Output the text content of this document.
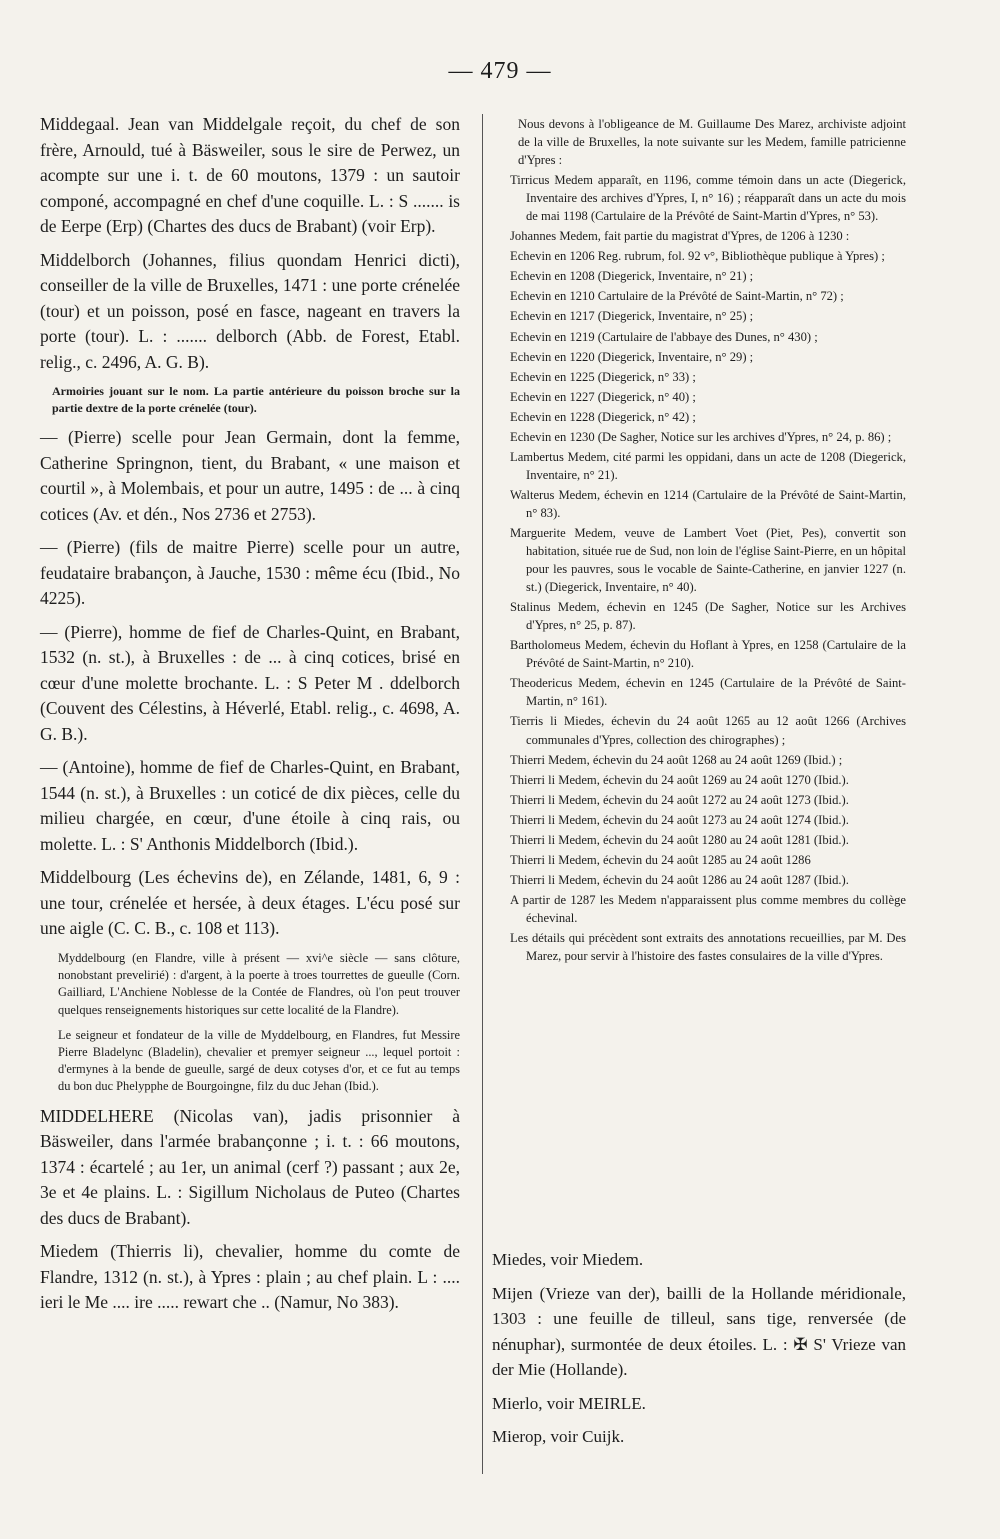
— 479 —

Middegaal. Jean van Middelgale reçoit, du chef de son frère, Arnould, tué à Bäsweiler, sous le sire de Perwez, un acompte sur une i. t. de 60 moutons, 1379 : un sautoir componé, accompagné en chef d'une coquille. L. : S ....... is de Eerpe (Erp) (Chartes des ducs de Brabant) (voir Erp).

Middelborch (Johannes, filius quondam Henrici dicti), conseiller de la ville de Bruxelles, 1471 : une porte crénelée (tour) et un poisson, posé en fasce, nageant en travers la porte (tour). L. : ....... delborch (Abb. de Forest, Etabl. relig., c. 2496, A. G. B).

Armoiries jouant sur le nom. La partie antérieure du poisson broche sur la partie dextre de la porte crénelée (tour).

— (Pierre) scelle pour Jean Germain, dont la femme, Catherine Springnon, tient, du Brabant, « une maison et courtil », à Molembais, et pour un autre, 1495 : de ... à cinq cotices (Av. et dén., Nos 2736 et 2753).

— (Pierre) (fils de maitre Pierre) scelle pour un autre, feudataire brabançon, à Jauche, 1530 : même écu (Ibid., No 4225).

— (Pierre), homme de fief de Charles-Quint, en Brabant, 1532 (n. st.), à Bruxelles : de ... à cinq cotices, brisé en cœur d'une molette brochante. L. : S Peter M . ddelborch (Couvent des Célestins, à Héverlé, Etabl. relig., c. 4698, A. G. B.).

— (Antoine), homme de fief de Charles-Quint, en Brabant, 1544 (n. st.), à Bruxelles : un coticé de dix pièces, celle du milieu chargée, en cœur, d'une étoile à cinq rais, ou molette. L. : S' Anthonis Middelborch (Ibid.).

Middelbourg (Les échevins de), en Zélande, 1481, 6, 9 : une tour, crénelée et hersée, à deux étages. L'écu posé sur une aigle (C. C. B., c. 108 et 113).

Myddelbourg (en Flandre, ville à présent — xvi^e siècle — sans clôture, nonobstant prevelігié) : d'argent, à la poerte à troes tourrettes de gueulle (Corn. Gailliard, L'Anchiene Noblesse de la Contée de Flandres, où l'on peut trouver quelques renseignements historiques sur cette localité de la Flandre).

Le seigneur et fondateur de la ville de Myddelbourg, en Flandres, fut Messire Pierre Bladelync (Bladelin), chevalier et premyer seigneur ..., lequel portoit : d'ermynes à la bende de gueulle, sargé de deux cotyses d'or, et ce fut au temps du bon duc Phelypphe de Bourgoingne, filz du duc Jehan (Ibid.).

MIDDELHERE (Nicolas van), jadis prisonnier à Bäsweiler, dans l'armée brabançonne ; i. t. : 66 moutons, 1374 : écartelé ; au 1er, un animal (cerf ?) passant ; aux 2e, 3e et 4e plains. L. : Sigillum Nicholaus de Puteo (Chartes des ducs de Brabant).

Miedem (Thierris li), chevalier, homme du comte de Flandre, 1312 (n. st.), à Ypres : plain ; au chef plain. L : .... ieri le Me .... ire ..... rewart che .. (Namur, No 383).

Nous devons à l'obligeance de M. Guillaume Des Marez, archiviste adjoint de la ville de Bruxelles, la note suivante sur les Medem, famille patricienne d'Ypres :

Tirricus Medem apparaît, en 1196, comme témoin dans un acte (Diegerick, Inventaire des archives d'Ypres, I, n° 16) ; réapparaît dans un acte du mois de mai 1198 (Cartulaire de la Prévôté de Saint-Martin d'Ypres, n° 53).

Johannes Medem, fait partie du magistrat d'Ypres, de 1206 à 1230 :

Echevin en 1206 Reg. rubrum, fol. 92 v°, Bibliothèque publique à Ypres) ;

Echevin en 1208 (Diegerick, Inventaire, n° 21) ;

Echevin en 1210 Cartulaire de la Prévôté de Saint-Martin, n° 72) ;

Echevin en 1217 (Diegerick, Inventaire, n° 25) ;

Echevin en 1219 (Cartulaire de l'abbaye des Dunes, n° 430) ;

Echevin en 1220 (Diegerick, Inventaire, n° 29) ;

Echevin en 1225 (Diegerick, n° 33) ;

Echevin en 1227 (Diegerick, n° 40) ;

Echevin en 1228 (Diegerick, n° 42) ;

Echevin en 1230 (De Sagher, Notice sur les archives d'Ypres, n° 24, p. 86) ;

Lambertus Medem, cité parmi les oppidani, dans un acte de 1208 (Diegerick, Inventaire, n° 21).

Walterus Medem, échevin en 1214 (Cartulaire de la Prévôté de Saint-Martin, n° 83).

Marguerite Medem, veuve de Lambert Voet (Piet, Pes), convertit son habitation, située rue de Sud, non loin de l'église Saint-Pierre, en un hôpital pour les pauvres, sous le vocable de Sainte-Catherine, en janvier 1227 (n. st.) (Diegerick, Inventaire, n° 40).

Stalinus Medem, échevin en 1245 (De Sagher, Notice sur les Archives d'Ypres, n° 25, p. 87).

Bartholomeus Medem, échevin du Hoflant à Ypres, en 1258 (Cartulaire de la Prévôté de Saint-Martin, n° 210).

Theodericus Medem, échevin en 1245 (Cartulaire de la Prévôté de Saint-Martin, n° 161).

Tierris li Miedes, échevin du 24 août 1265 au 12 août 1266 (Archives communales d'Ypres, collection des chirographes) ;

Thierri Medem, échevin du 24 août 1268 au 24 août 1269 (Ibid.) ;

Thierri li Medem, échevin du 24 août 1269 au 24 août 1270 (Ibid.).

Thierri li Medem, échevin du 24 août 1272 au 24 août 1273 (Ibid.).

Thierri li Medem, échevin du 24 août 1273 au 24 août 1274 (Ibid.).

Thierri li Medem, échevin du 24 août 1280 au 24 août 1281 (Ibid.).

Thierri li Medem, échevin du 24 août 1285 au 24 août 1286

Thierri li Medem, échevin du 24 août 1286 au 24 août 1287 (Ibid.).

A partir de 1287 les Medem n'apparaissent plus comme membres du collège échevinal.

Les détails qui précèdent sont extraits des annotations recueillies, par M. Des Marez, pour servir à l'histoire des fastes consulaires de la ville d'Ypres.

Miedes, voir Miedem.

Mijen (Vrieze van der), bailli de la Hollande méridionale, 1303 : une feuille de tilleul, sans tige, renversée (de nénuphar), surmontée de deux étoiles. L. : ✠ S' Vrieze van der Mie (Hollande).

Mierlo, voir MEIRLE.

Mierop, voir Cuijk.
